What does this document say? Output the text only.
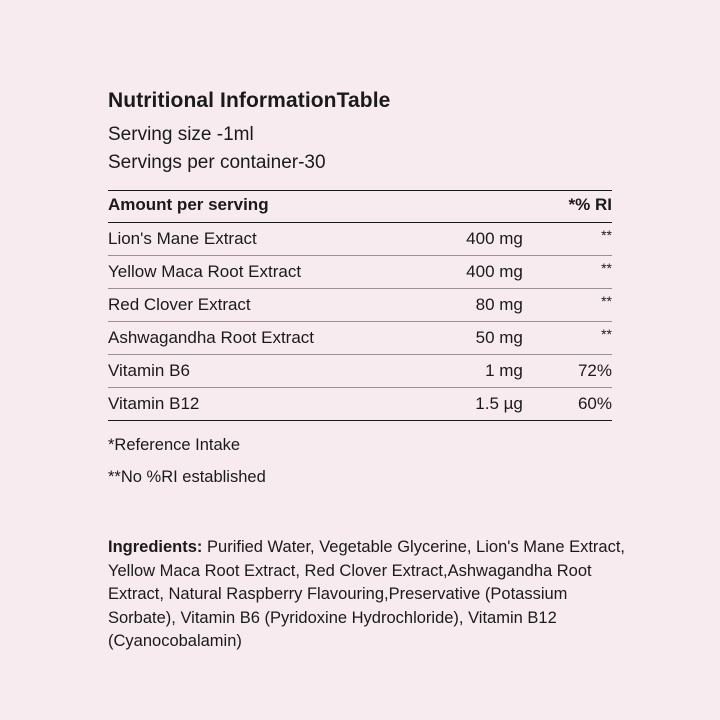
Nutritional InformationTable

Serving size -1ml

Servings per container-30

Amount per serving		*% RI
Lion's Mane Extract	400 mg	**
Yellow Maca Root Extract	400 mg	**
Red Clover Extract	80 mg	**
Ashwagandha Root Extract	50 mg	**
Vitamin B6	1 mg	72%
Vitamin B12	1.5 µg	60%

*Reference Intake

**No %RI established

Ingredients: Purified Water, Vegetable Glycerine, Lion's Mane Extract, Yellow Maca Root Extract, Red Clover Extract,Ashwagandha Root Extract, Natural Raspberry Flavouring,Preservative (Potassium Sorbate), Vitamin B6 (Pyridoxine Hydrochloride), Vitamin B12 (Cyanocobalamin)
